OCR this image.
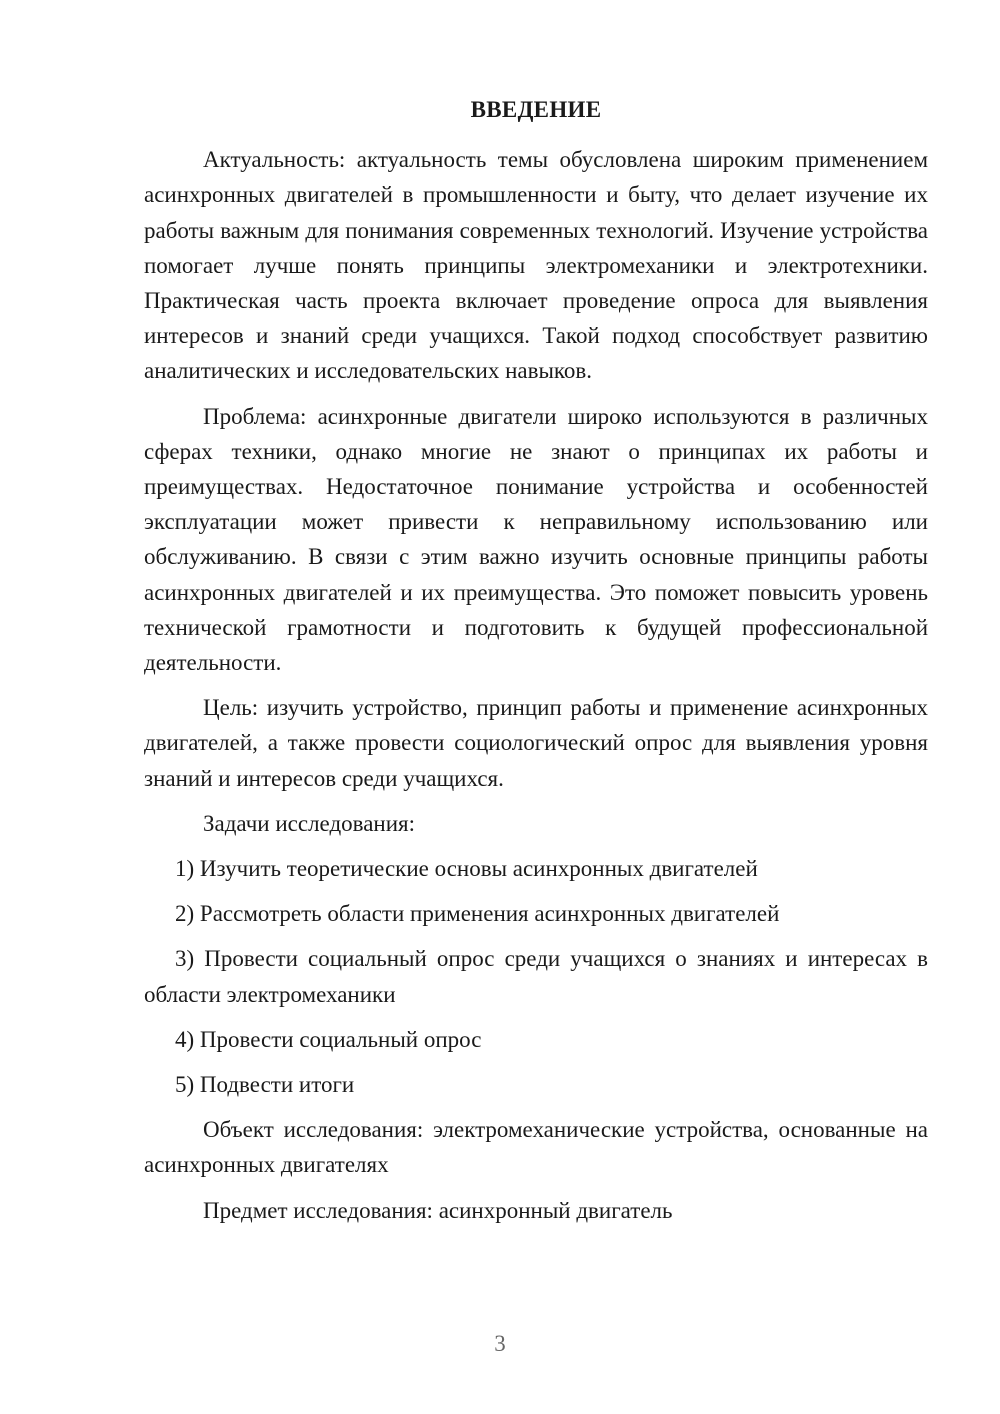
ВВЕДЕНИЕ

Актуальность: актуальность темы обусловлена широким применением асинхронных двигателей в промышленности и быту, что делает изучение их работы важным для понимания современных технологий. Изучение устройства помогает лучше понять принципы электромеханики и электротехники. Практическая часть проекта включает проведение опроса для выявления интересов и знаний среди учащихся. Такой подход способствует развитию аналитических и исследовательских навыков.

Проблема: асинхронные двигатели широко используются в различных сферах техники, однако многие не знают о принципах их работы и преимуществах. Недостаточное понимание устройства и особенностей эксплуатации может привести к неправильному использованию или обслуживанию. В связи с этим важно изучить основные принципы работы асинхронных двигателей и их преимущества. Это поможет повысить уровень технической грамотности и подготовить к будущей профессиональной деятельности.

Цель: изучить устройство, принцип работы и применение асинхронных двигателей, а также провести социологический опрос для выявления уровня знаний и интересов среди учащихся.

Задачи исследования:

1) Изучить теоретические основы асинхронных двигателей

2) Рассмотреть области применения асинхронных двигателей

3) Провести социальный опрос среди учащихся о знаниях и интересах в области электромеханики

4) Провести социальный опрос

5) Подвести итоги

Объект исследования: электромеханические устройства, основанные на асинхронных двигателях

Предмет исследования: асинхронный двигатель

3
